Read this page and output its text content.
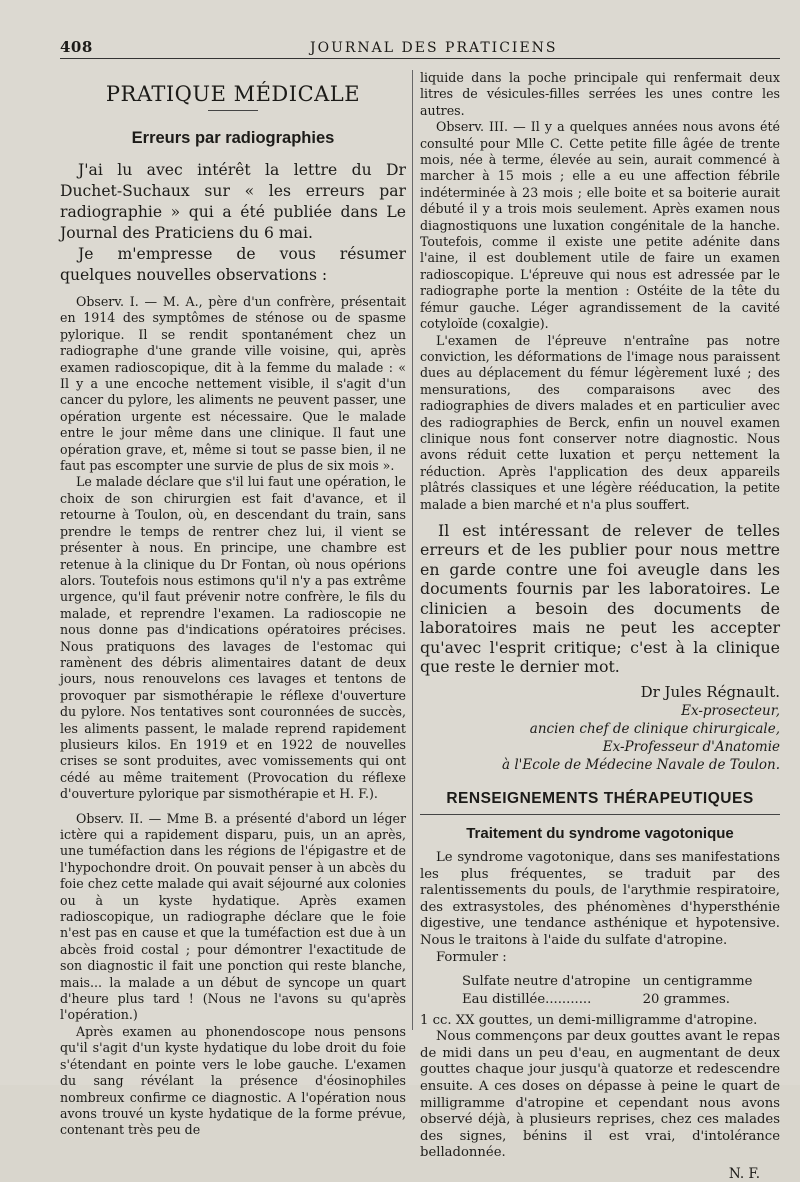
408	JOURNAL DES PRATICIENS
PRATIQUE MÉDICALE
Erreurs par radiographies

J'ai lu avec intérêt la lettre du Dr Duchet-Suchaux sur « les erreurs par radiographie » qui a été publiée dans Le Journal des Praticiens du 6 mai.

Je m'empresse de vous résumer quelques nouvelles observations :

Observ. I. — M. A., père d'un confrère, présentait en 1914 des symptômes de sténose ou de spasme pylorique. Il se rendit spontanément chez un radiographe d'une grande ville voisine, qui, après examen radioscopique, dit à la femme du malade : « Il y a une encoche nettement visible, il s'agit d'un cancer du pylore, les aliments ne peuvent passer, une opération urgente est nécessaire. Que le malade entre le jour même dans une clinique. Il faut une opération grave, et, même si tout se passe bien, il ne faut pas escompter une survie de plus de six mois ».

Le malade déclare que s'il lui faut une opération, le choix de son chirurgien est fait d'avance, et il retourne à Toulon, où, en descendant du train, sans prendre le temps de rentrer chez lui, il vient se présenter à nous. En principe, une chambre est retenue à la clinique du Dr Fontan, où nous opérions alors. Toutefois nous estimons qu'il n'y a pas extrême urgence, qu'il faut prévenir notre confrère, le fils du malade, et reprendre l'examen. La radioscopie ne nous donne pas d'indications opératoires précises. Nous pratiquons des lavages de l'estomac qui ramènent des débris alimentaires datant de deux jours, nous renouvelons ces lavages et tentons de provoquer par sismothérapie le réflexe d'ouverture du pylore. Nos tentatives sont couronnées de succès, les aliments passent, le malade reprend rapidement plusieurs kilos. En 1919 et en 1922 de nouvelles crises se sont produites, avec vomissements qui ont cédé au même traitement (Provocation du réflexe d'ouverture pylorique par sismothérapie et H. F.).

Observ. II. — Mme B. a présenté d'abord un léger ictère qui a rapidement disparu, puis, un an après, une tuméfaction dans les régions de l'épigastre et de l'hypochondre droit. On pouvait penser à un abcès du foie chez cette malade qui avait séjourné aux colonies ou à un kyste hydatique. Après examen radioscopique, un radiographe déclare que le foie n'est pas en cause et que la tuméfaction est due à un abcès froid costal ; pour démontrer l'exactitude de son diagnostic il fait une ponction qui reste blanche, mais... la malade a un début de syncope un quart d'heure plus tard ! (Nous ne l'avons su qu'après l'opération.)

Après examen au phonendoscope nous pensons qu'il s'agit d'un kyste hydatique du lobe droit du foie s'étendant en pointe vers le lobe gauche. L'examen du sang révélant la présence d'éosinophiles nombreux confirme ce diagnostic. A l'opération nous avons trouvé un kyste hydatique de la forme prévue, contenant très peu de

liquide dans la poche principale qui renfermait deux litres de vésicules-filles serrées les unes contre les autres.

Observ. III. — Il y a quelques années nous avons été consulté pour Mlle C. Cette petite fille âgée de trente mois, née à terme, élevée au sein, aurait commencé à marcher à 15 mois ; elle a eu une affection fébrile indéterminée à 23 mois ; elle boite et sa boiterie aurait débuté il y a trois mois seulement. Après examen nous diagnostiquons une luxation congénitale de la hanche. Toutefois, comme il existe une petite adénite dans l'aine, il est doublement utile de faire un examen radioscopique. L'épreuve qui nous est adressée par le radiographe porte la mention : Ostéite de la tête du fémur gauche. Léger agrandissement de la cavité cotyloïde (coxalgie).

L'examen de l'épreuve n'entraîne pas notre conviction, les déformations de l'image nous paraissent dues au déplacement du fémur légèrement luxé ; des mensurations, des comparaisons avec des radiographies de divers malades et en particulier avec des radiographies de Berck, enfin un nouvel examen clinique nous font conserver notre diagnostic. Nous avons réduit cette luxation et perçu nettement la réduction. Après l'application des deux appareils plâtrés classiques et une légère rééducation, la petite malade a bien marché et n'a plus souffert.

Il est intéressant de relever de telles erreurs et de les publier pour nous mettre en garde contre une foi aveugle dans les documents fournis par les laboratoires. Le clinicien a besoin des documents de laboratoires mais ne peut les accepter qu'avec l'esprit critique; c'est à la clinique que reste le dernier mot.

Dr Jules Régnault.
Ex-prosecteur,
ancien chef de clinique chirurgicale,
Ex-Professeur d'Anatomie
à l'Ecole de Médecine Navale de Toulon.
RENSEIGNEMENTS THÉRAPEUTIQUES
Traitement du syndrome vagotonique

Le syndrome vagotonique, dans ses manifestations les plus fréquentes, se traduit par des ralentissements du pouls, de l'arythmie respiratoire, des extrasystoles, des phénomènes d'hypersthénie digestive, une tendance asthénique et hypotensive. Nous le traitons à l'aide du sulfate d'atropine.

Formuler :

Sulfate neutre d'atropine	un centigramme
Eau distillée...........	20 grammes.

1 cc. XX gouttes, un demi-milligramme d'atropine.

Nous commençons par deux gouttes avant le repas de midi dans un peu d'eau, en augmentant de deux gouttes chaque jour jusqu'à quatorze et redescendre ensuite. A ces doses on dépasse à peine le quart de milligramme d'atropine et cependant nous avons observé déjà, à plusieurs reprises, chez ces malades des signes, bénins il est vrai, d'intolérance belladonnée.

N. F.
